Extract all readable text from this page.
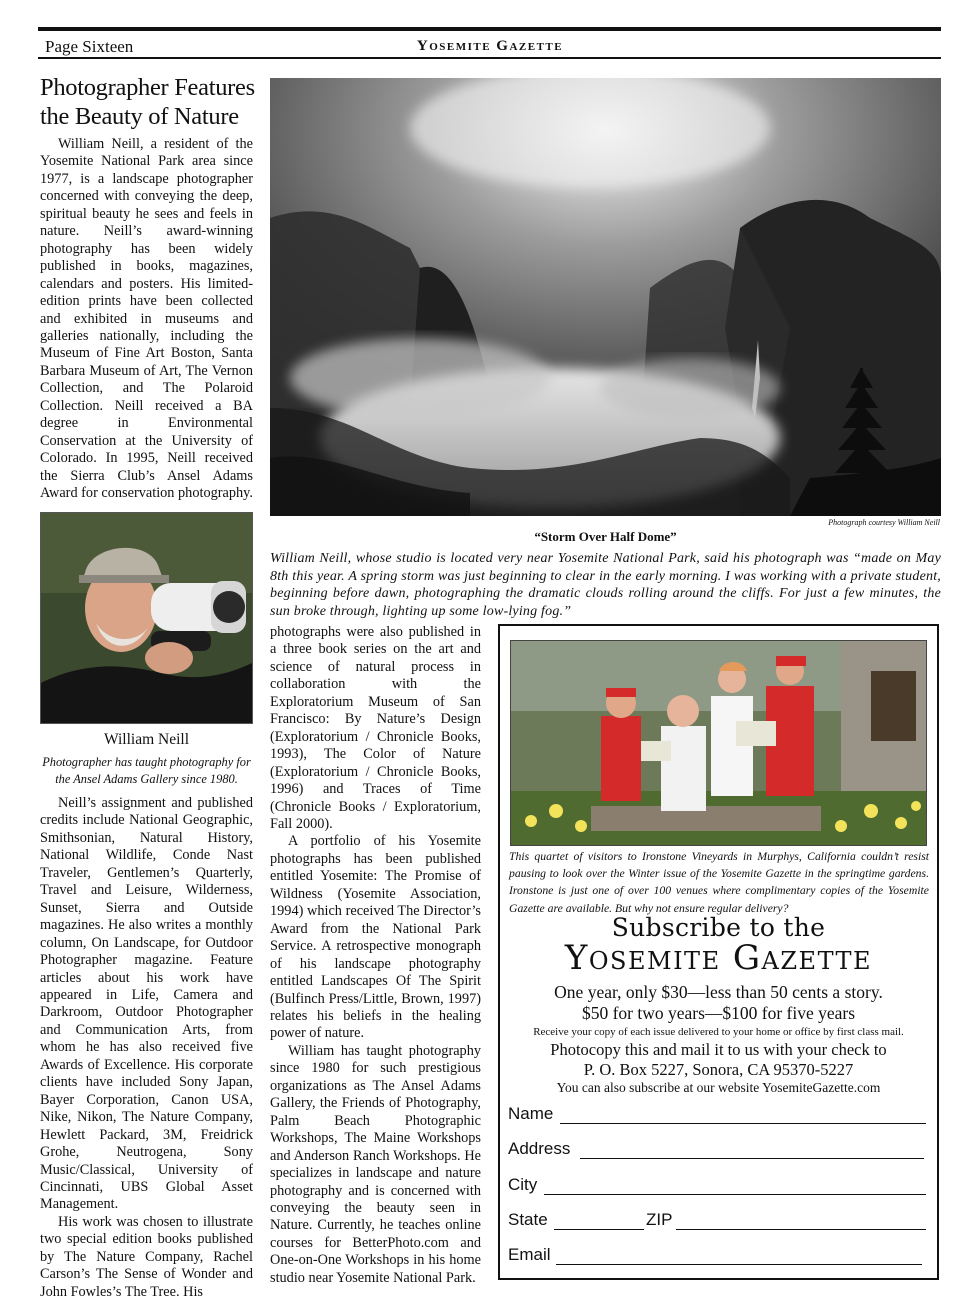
Page Sixteen	Yosemite Gazette
Photographer Features the Beauty of Nature

William Neill, a resident of the Yosemite National Park area since 1977, is a landscape photographer concerned with conveying the deep, spiritual beauty he sees and feels in nature. Neill’s award-winning photography has been widely published in books, magazines, calendars and posters. His limited-edition prints have been collected and exhibited in museums and galleries nationally, including the Museum of Fine Art Boston, Santa Barbara Museum of Art, The Vernon Collection, and The Polaroid Collection. Neill received a BA degree in Environmental Conservation at the University of Colorado. In 1995, Neill received the Sierra Club’s Ansel Adams Award for conservation photography.

Photograph courtesy William Neill
“Storm Over Half Dome”
William Neill, whose studio is located very near Yosemite National Park, said his photograph was “made on May 8th this year. A spring storm was just beginning to clear in the early morning. I was working with a private student, beginning before dawn, photographing the dramatic clouds rolling around the cliffs. For just a few minutes, the sun broke through, lighting up some low-lying fog.”
William Neill
Photographer has taught photography for the Ansel Adams Gallery since 1980.

Neill’s assignment and published credits include National Geographic, Smithsonian, Natural History, National Wildlife, Conde Nast Traveler, Gentlemen’s Quarterly, Travel and Leisure, Wilderness, Sunset, Sierra and Outside magazines. He also writes a monthly column, On Landscape, for Outdoor Photographer magazine. Feature articles about his work have appeared in Life, Camera and Darkroom, Outdoor Photographer and Communication Arts, from whom he has also received five Awards of Excellence. His corporate clients have included Sony Japan, Bayer Corporation, Canon USA, Nike, Nikon, The Nature Company, Hewlett Packard, 3M, Freidrick Grohe, Neutrogena, Sony Music/Classical, University of Cincinnati, UBS Global Asset Management.

His work was chosen to illustrate two special edition books published by The Nature Company, Rachel Carson’s The Sense of Wonder and John Fowles’s The Tree. His

photographs were also published in a three book series on the art and science of natural process in collaboration with the Exploratorium Museum of San Francisco: By Nature’s Design (Exploratorium / Chronicle Books, 1993), The Color of Nature (Exploratorium / Chronicle Books, 1996) and Traces of Time (Chronicle Books / Exploratorium, Fall 2000).

A portfolio of his Yosemite photographs has been published entitled Yosemite: The Promise of Wildness (Yosemite Association, 1994) which received The Director’s Award from the National Park Service. A retrospective monograph of his landscape photography entitled Landscapes Of The Spirit (Bulfinch Press/Little, Brown, 1997) relates his beliefs in the healing power of nature.

William has taught photography since 1980 for such prestigious organizations as The Ansel Adams Gallery, the Friends of Photography, Palm Beach Photographic Workshops, The Maine Workshops and Anderson Ranch Workshops. He specializes in landscape and nature photography and is concerned with conveying the beauty seen in Nature. Currently, he teaches online courses for BetterPhoto.com and One-on-One Workshops in his home studio near Yosemite National Park.

This quartet of visitors to Ironstone Vineyards in Murphys, California couldn’t resist pausing to look over the Winter issue of the Yosemite Gazette in the springtime gardens. Ironstone is just one of over 100 venues where complimentary copies of the Yosemite Gazette are available. But why not ensure regular delivery?
Subscribe to the
Yosemite Gazette
One year, only $30—less than 50 cents a story.
$50 for two years—$100 for five years
Receive your copy of each issue delivered to your home or office by first class mail.
Photocopy this and mail it to us with your check to
P. O. Box 5227, Sonora, CA 95370-5227
You can also subscribe at our website YosemiteGazette.com
Name
Address
City
State	ZIP
Email
